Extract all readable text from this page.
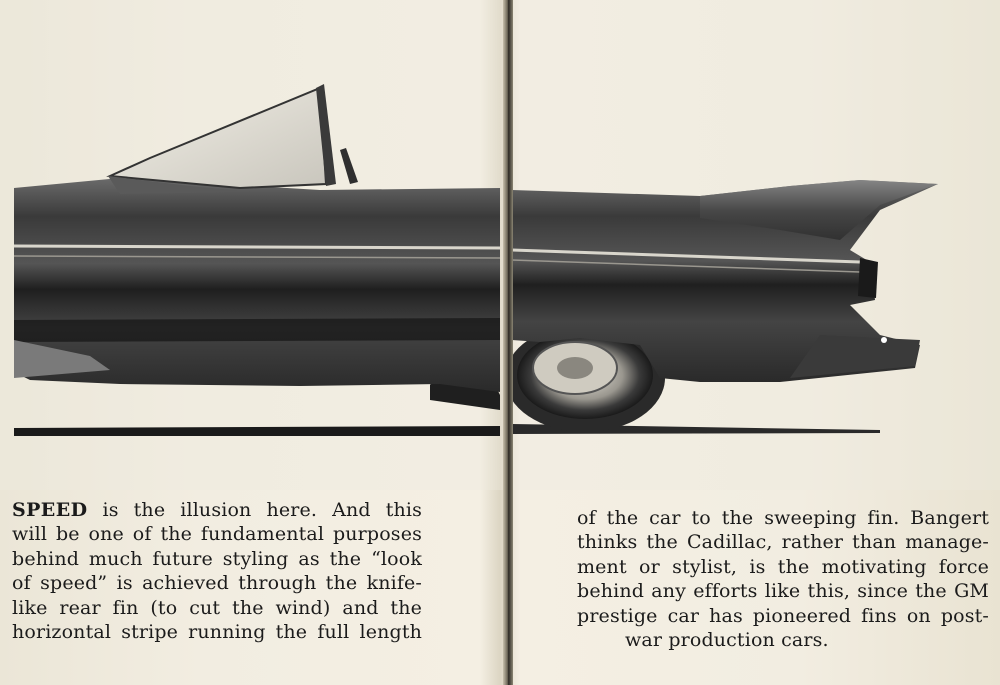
SPEED is the illusion here. And this
will be one of the fundamental purposes
behind much future styling as the “look
of speed” is achieved through the knife-
like rear fin (to cut the wind) and the
horizontal stripe running the full length
of the car to the sweeping fin. Bangert
thinks the Cadillac, rather than manage-
ment or stylist, is the motivating force
behind any efforts like this, since the GM
prestige car has pioneered fins on post-
war production cars.
